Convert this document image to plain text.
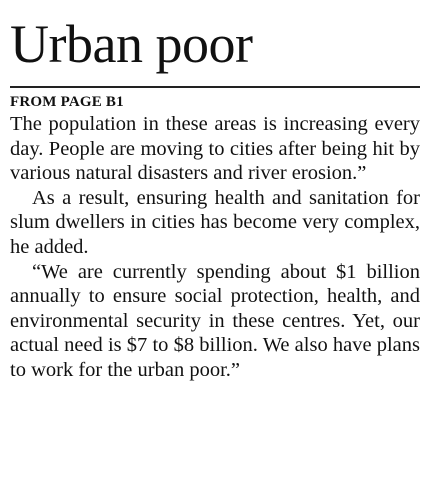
Urban poor
FROM PAGE B1

The population in these areas is increasing every day. People are moving to cities after being hit by various natural disasters and river erosion.”

As a result, ensuring health and sanitation for slum dwellers in cities has become very complex, he added.

“We are currently spending about $1 billion annually to ensure social protection, health, and environmental security in these centres. Yet, our actual need is $7 to $8 billion. We also have plans to work for the urban poor.”
